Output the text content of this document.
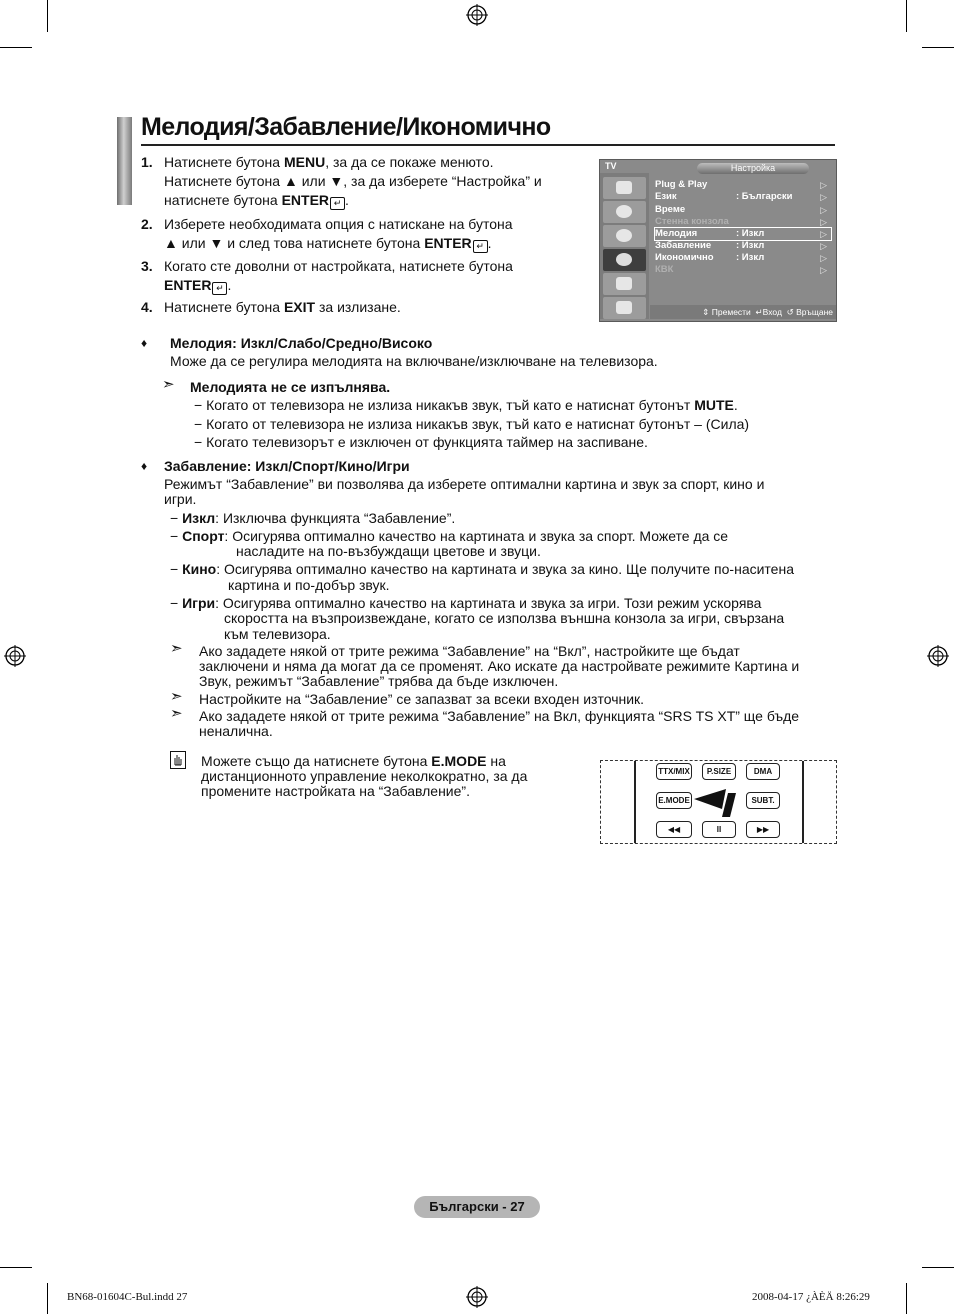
Мелодия/Забавление/Икономично
1. Натиснете бутона MENU, за да се покаже менюто.
Натиснете бутона ▲ или ▼, за да изберете “Настройка” и
натиснете бутона ENTER ↵ .
2. Изберете необходимата опция с натискане на бутона
▲ или ▼ и след това натиснете бутона ENTER ↵ .
3. Когато сте доволни от настройката, натиснете бутона
ENTER ↵ .
4. Натиснете бутона EXIT за излизане.
TV	Настройка
Plug & Play	▷
Език	: Български	▷
Време	▷
Стенна конзола	▷
Мелодия	: Изкл	▷
Забавление	: Изкл	▷
Икономично : Изкл	▷
КВК	▷
⇕ Премести ↵Вход ↺ Връщане
♦ Мелодия: Изкл/Слабо/Средно/Високо
Може да се регулира мелодията на включване/изключване на телевизора.
➣ Мелодията не се изпълнява.
− Когато от телевизора не излиза никакъв звук, тъй като е натиснат бутонът MUTE.
− Когато от телевизора не излиза никакъв звук, тъй като е натиснат бутонът – (Сила)
− Когато телевизорът е изключен от функцията таймер на заспиване.
♦ Забавление: Изкл/Спорт/Кино/Игри
Режимът “Забавление” ви позволява да изберете оптимални картина и звук за спорт, кино и
игри.
− Изкл: Изключва функцията “Забавление”.
− Спорт: Осигурява оптимално качество на картината и звука за спорт. Можете да се
насладите на по-възбуждащи цветове и звуци.
− Кино: Осигурява оптимално качество на картината и звука за кино. Ще получите по-наситена
картина и по-добър звук.
− Игри: Осигурява оптимално качество на картината и звука за игри. Този режим ускорява
скоростта на възпроизвеждане, когато се използва външна конзола за игри, свързана
към телевизора.
➣ Ако зададете някой от трите режима “Забавление” на “Вкл”, настройките ще бъдат
заключени и няма да могат да се променят. Ако искате да настройвате режимите Картина и
Звук, режимът “Забавление” трябва да бъде изключен.
➣ Настройките на “Забавление” се запазват за всеки входен източник.
➣ Ако зададете някой от трите режима “Забавление” на Вкл, функцията “SRS TS XT” ще бъде
неналична.
Можете също да натиснете бутона E.MODE на
дистанционното управление неколкократно, за да
промените настройката на “Забавление”.
TTX/MIX	P.SIZE	DMA
E.MODE	SUBT.
◀◀	II	▶▶
Български - 27
BN68-01604C-Bul.indd 27	2008-04-17 ¿ÀÈÄ 8:26:29
